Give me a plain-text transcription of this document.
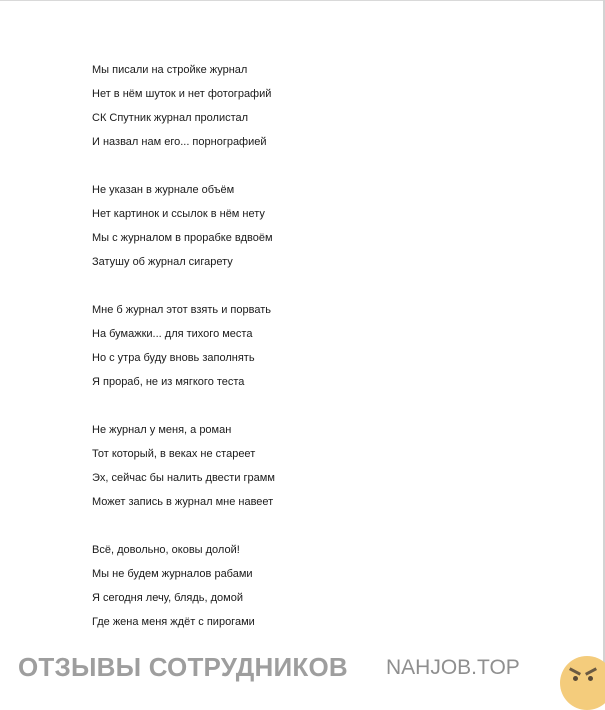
Мы писали на стройке журнал
Нет в нём шуток и нет фотографий
СК Спутник журнал пролистал
И назвал нам его... порнографией
Не указан в журнале объём
Нет картинок и ссылок в нём нету
Мы с журналом в прорабке вдвоём
Затушу об журнал сигарету
Мне б журнал этот взять и порвать
На бумажки... для тихого места
Но с утра буду вновь заполнять
Я прораб, не из мягкого теста
Не журнал у меня, а роман
Тот который, в веках не стареет
Эх, сейчас бы налить двести грамм
Может запись в журнал мне навеет
Всё, довольно, оковы долой!
Мы не будем журналов рабами
Я сегодня лечу, блядь, домой
Где жена меня ждёт с пирогами
ОТЗЫВЫ СОТРУДНИКОВ NAHJOB.TOP
